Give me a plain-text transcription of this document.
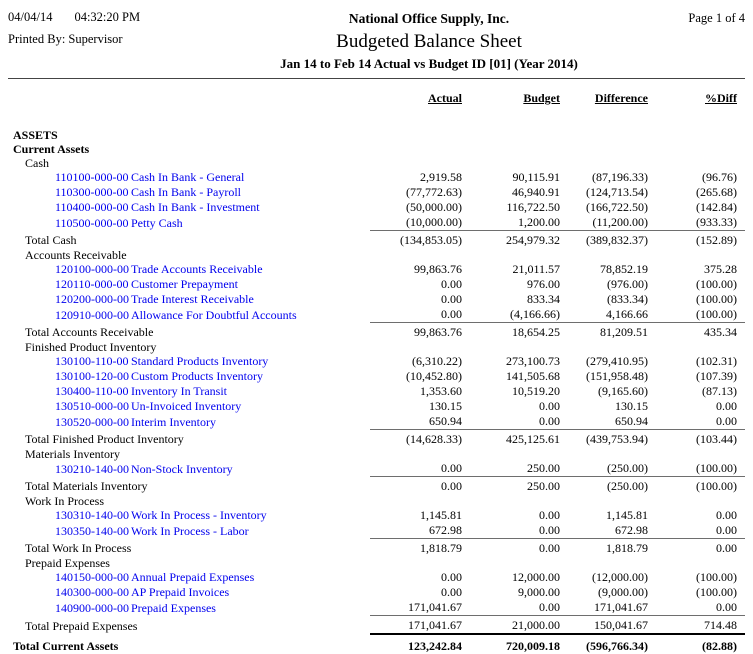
04/04/14 04:32:20 PM
Printed By: Supervisor
National Office Supply, Inc.
Budgeted Balance Sheet
Jan 14 to Feb 14 Actual vs Budget ID [01] (Year 2014)
Page 1 of 4
	Actual	Budget	Difference	%Diff

ASSETS				
Current Assets				
Cash				
110100-000-00 Cash In Bank - General	2,919.58	90,115.91	(87,196.33)	(96.76)
110300-000-00 Cash In Bank - Payroll	(77,772.63)	46,940.91	(124,713.54)	(265.68)
110400-000-00 Cash In Bank - Investment	(50,000.00)	116,722.50	(166,722.50)	(142.84)
110500-000-00 Petty Cash	(10,000.00)	1,200.00	(11,200.00)	(933.33)
Total Cash	(134,853.05)	254,979.32	(389,832.37)	(152.89)
Accounts Receivable				
120100-000-00 Trade Accounts Receivable	99,863.76	21,011.57	78,852.19	375.28
120110-000-00 Customer Prepayment	0.00	976.00	(976.00)	(100.00)
120200-000-00 Trade Interest Receivable	0.00	833.34	(833.34)	(100.00)
120910-000-00 Allowance For Doubtful Accounts	0.00	(4,166.66)	4,166.66	(100.00)
Total Accounts Receivable	99,863.76	18,654.25	81,209.51	435.34
Finished Product Inventory				
130100-110-00 Standard Products Inventory	(6,310.22)	273,100.73	(279,410.95)	(102.31)
130100-120-00 Custom Products Inventory	(10,452.80)	141,505.68	(151,958.48)	(107.39)
130400-110-00 Inventory In Transit	1,353.60	10,519.20	(9,165.60)	(87.13)
130510-000-00 Un-Invoiced Inventory	130.15	0.00	130.15	0.00
130520-000-00 Interim Inventory	650.94	0.00	650.94	0.00
Total Finished Product Inventory	(14,628.33)	425,125.61	(439,753.94)	(103.44)
Materials Inventory				
130210-140-00 Non-Stock Inventory	0.00	250.00	(250.00)	(100.00)
Total Materials Inventory	0.00	250.00	(250.00)	(100.00)
Work In Process				
130310-140-00 Work In Process - Inventory	1,145.81	0.00	1,145.81	0.00
130350-140-00 Work In Process - Labor	672.98	0.00	672.98	0.00
Total Work In Process	1,818.79	0.00	1,818.79	0.00
Prepaid Expenses				
140150-000-00 Annual Prepaid Expenses	0.00	12,000.00	(12,000.00)	(100.00)
140300-000-00 AP Prepaid Invoices	0.00	9,000.00	(9,000.00)	(100.00)
140900-000-00 Prepaid Expenses	171,041.67	0.00	171,041.67	0.00
Total Prepaid Expenses	171,041.67	21,000.00	150,041.67	714.48
Total Current Assets	123,242.84	720,009.18	(596,766.34)	(82.88)
